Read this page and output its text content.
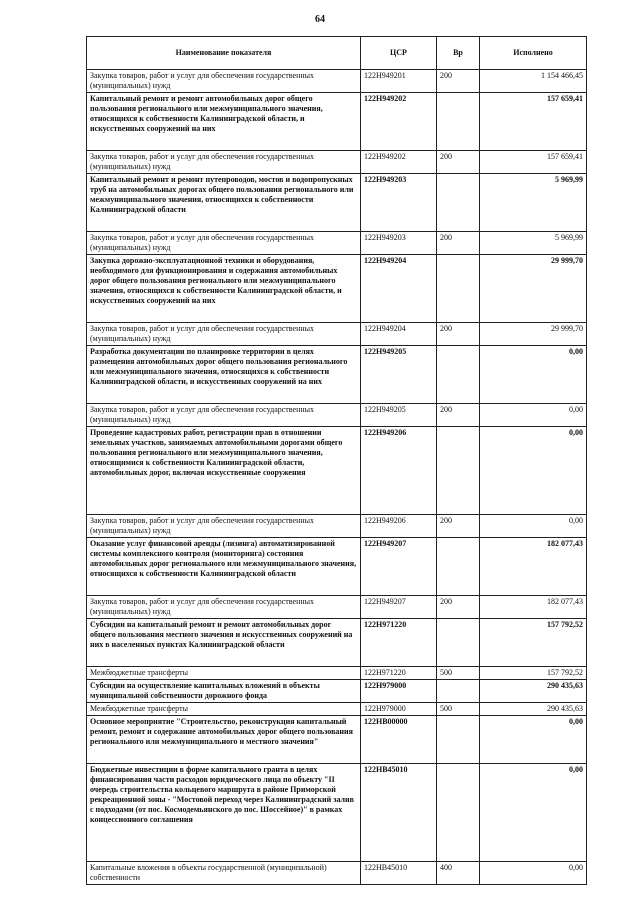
64
Наименование показателя	ЦСР	Вр	Исполнено
Закупка товаров, работ и услуг для обеспечения государственных (муниципальных) нужд	122Н949201	200	1 154 466,45
Капитальный ремонт и ремонт автомобильных дорог общего пользования регионального или межмуниципального значения, относящихся к собственности Калининградской области, и искусственных сооружений на них	122Н949202		157 659,41
Закупка товаров, работ и услуг для обеспечения государственных (муниципальных) нужд	122Н949202	200	157 659,41
Капитальный ремонт и ремонт путепроводов, мостов и водопропускных труб на автомобильных дорогах общего пользования регионального или межмуниципального значения, относящихся к собственности Калининградской области	122Н949203		5 969,99
Закупка товаров, работ и услуг для обеспечения государственных (муниципальных) нужд	122Н949203	200	5 969,99
Закупка дорожно-эксплуатационной техники и оборудования, необходимого для функционирования и содержания автомобильных дорог общего пользования регионального или межмуниципального значения, относящихся к собственности Калининградской области, и искусственных сооружений на них	122Н949204		29 999,70
Закупка товаров, работ и услуг для обеспечения государственных (муниципальных) нужд	122Н949204	200	29 999,70
Разработка документации по планировке территории в целях размещения автомобильных дорог общего пользования регионального или межмуниципального значения, относящихся к собственности Калининградской области, и искусственных сооружений на них	122Н949205		0,00
Закупка товаров, работ и услуг для обеспечения государственных (муниципальных) нужд	122Н949205	200	0,00
Проведение кадастровых работ, регистрации прав в отношении земельных участков, занимаемых автомобильными дорогами общего пользования регионального или межмуниципального значения, относящимися к собственности Калининградской области, автомобильных дорог, включая искусственные сооружения	122Н949206		0,00
Закупка товаров, работ и услуг для обеспечения государственных (муниципальных) нужд	122Н949206	200	0,00
Оказание услуг финансовой аренды (лизинга) автоматизированной системы комплексного контроля (мониторинга) состояния автомобильных дорог регионального или межмуниципального значения, относящихся к собственности Калининградской области	122Н949207		182 077,43
Закупка товаров, работ и услуг для обеспечения государственных (муниципальных) нужд	122Н949207	200	182 077,43
Субсидии на капитальный ремонт и ремонт автомобильных дорог общего пользования местного значения и искусственных сооружений на них в населенных пунктах Калининградской области	122Н971220		157 792,52
Межбюджетные трансферты	122Н971220	500	157 792,52
Субсидии на осуществление капитальных вложений в объекты муниципальной собственности дорожного фонда	122Н979000		290 435,63
Межбюджетные трансферты	122Н979000	500	290 435,63
Основное мероприятие "Строительство, реконструкция капитальный ремонт, ремонт и содержание автомобильных дорог общего пользования регионального или межмуниципального и местного значения"	122НВ00000		0,00
Бюджетные инвестиции в форме капитального гранта в целях финансирования части расходов юридического лица по объекту "II очередь строительства кольцевого маршрута в районе Приморской рекреационной зоны - "Мостовой переход через Калининградский залив с подходами (от пос. Космодемьянского до пос. Шоссейное)" в рамках концессионного соглашения	122НВ45010		0,00
Капитальные вложения в объекты государственной (муниципальной) собственности	122НВ45010	400	0,00
